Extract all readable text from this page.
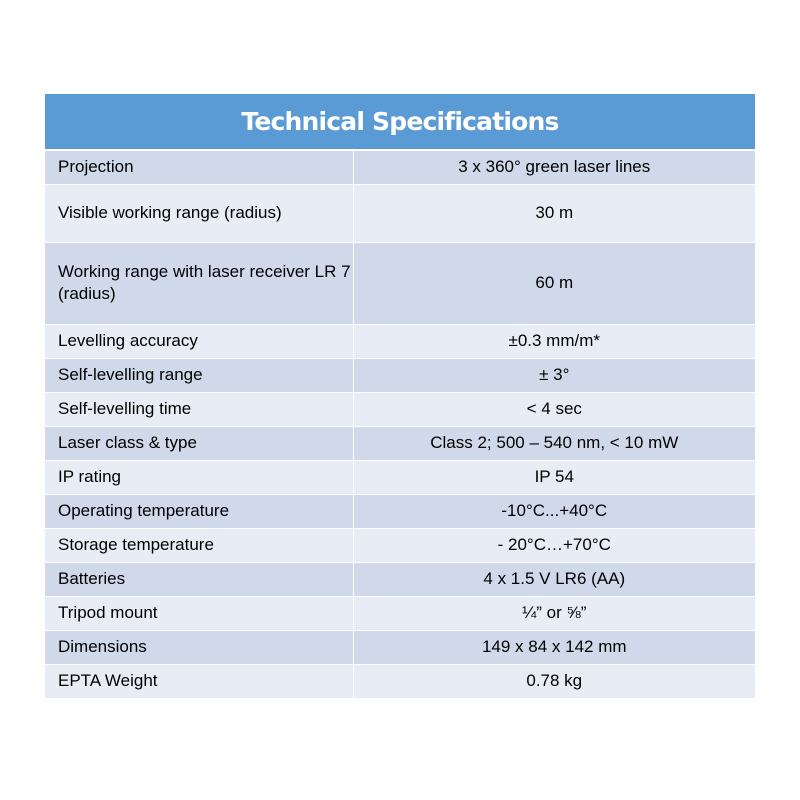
Technical Specifications	
Projection	3 x 360° green laser lines
Visible working range (radius)	30 m
Working range with laser receiver LR 7 (radius)	60 m
Levelling accuracy	±0.3 mm/m*
Self-levelling range	± 3°
Self-levelling time	< 4 sec
Laser class & type	Class 2; 500 – 540 nm, < 10 mW
IP rating	IP 54
Operating temperature	-10°C...+40°C
Storage temperature	- 20°C…+70°C
Batteries	4 x 1.5 V LR6 (AA)
Tripod mount	¼” or ⅝”
Dimensions	149 x 84 x 142 mm
EPTA Weight	0.78 kg
